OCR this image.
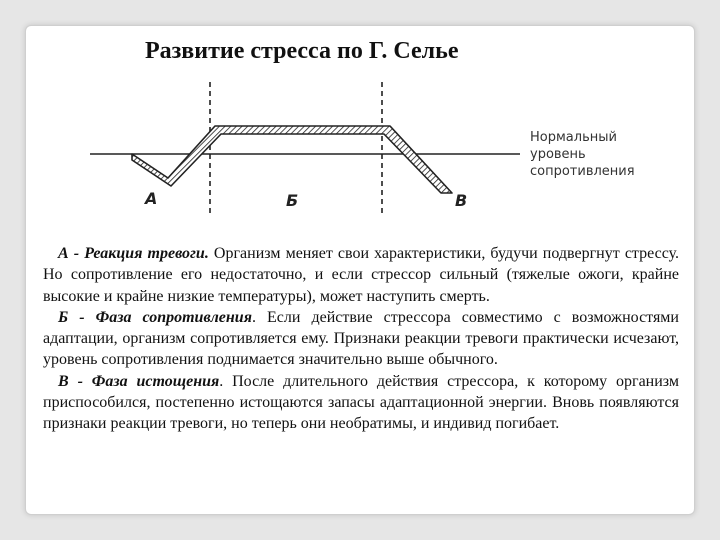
Развитие стресса по Г. Селье
А	Б	В
Нормальный
уровень
сопротивления

А - Реакция тревоги. Организм меняет свои характеристики, будучи подвергнут стрессу. Но сопротивление его недостаточно, и если стрессор сильный (тяжелые ожоги, крайне высокие и крайне низкие температуры), может наступить смерть.

Б - Фаза сопротивления. Если действие стрессора совместимо с возможностями адаптации, организм сопротивляется ему. Признаки реакции тревоги практически исчезают, уровень сопротивления поднимается значительно выше обычного.

В - Фаза истощения. После длительного действия стрессора, к которому организм приспособился, постепенно истощаются запасы адаптационной энергии. Вновь появляются признаки реакции тревоги, но теперь они необратимы, и индивид погибает.
